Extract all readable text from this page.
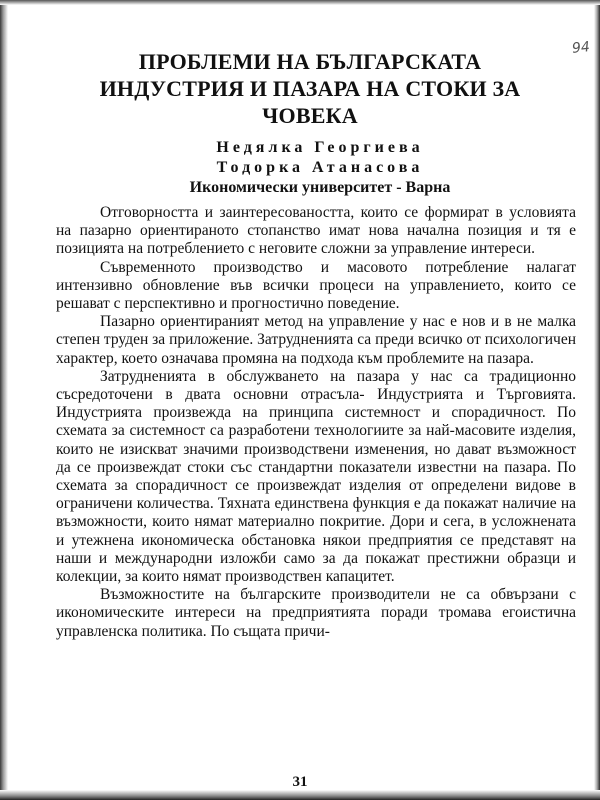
94
ПРОБЛЕМИ НА БЪЛГАРСКАТА
ИНДУСТРИЯ И ПАЗАРА НА СТОКИ ЗА
ЧОВЕКА
Недялка Георгиева
Тодорка Атанасова
Икономически университет - Варна

Отговорността и заинтересоваността, които се формират в условията на пазарно ориентираното стопанство имат нова начална позиция и тя е позицията на потреблението с неговите сложни за управление интереси.

Съвременното производство и масовото потребление налагат интензивно обновление във всички процеси на управлението, които се решават с перспективно и прогностично поведение.

Пазарно ориентираният метод на управление у нас е нов и в не малка степен труден за приложение. Затрудненията са преди всичко от психологичен характер, което означава промяна на подхода към проблемите на пазара.

Затрудненията в обслужването на пазара у нас са традиционно съсредоточени в двата основни отрасъла- Индустрията и Търговията. Индустрията произвежда на принципа системност и спорадичност. По схемата за системност са разработени технологиите за най-масовите изделия, които не изискват значими производствени изменения, но дават възможност да се произвеждат стоки със стандартни показатели известни на пазара. По схемата за спорадичност се произвеждат изделия от определени видове в ограничени количества. Тяхната единствена функция е да покажат наличие на възможности, които нямат материално покритие. Дори и сега, в усложнената и утежнена икономическа обстановка някои предприятия се представят на наши и международни изложби само за да покажат престижни образци и колекции, за които нямат производствен капацитет.

Възможностите на българските производители не са обвързани с икономическите интереси на предприятията поради тромава егоистична управленска политика. По същата причи-

31
